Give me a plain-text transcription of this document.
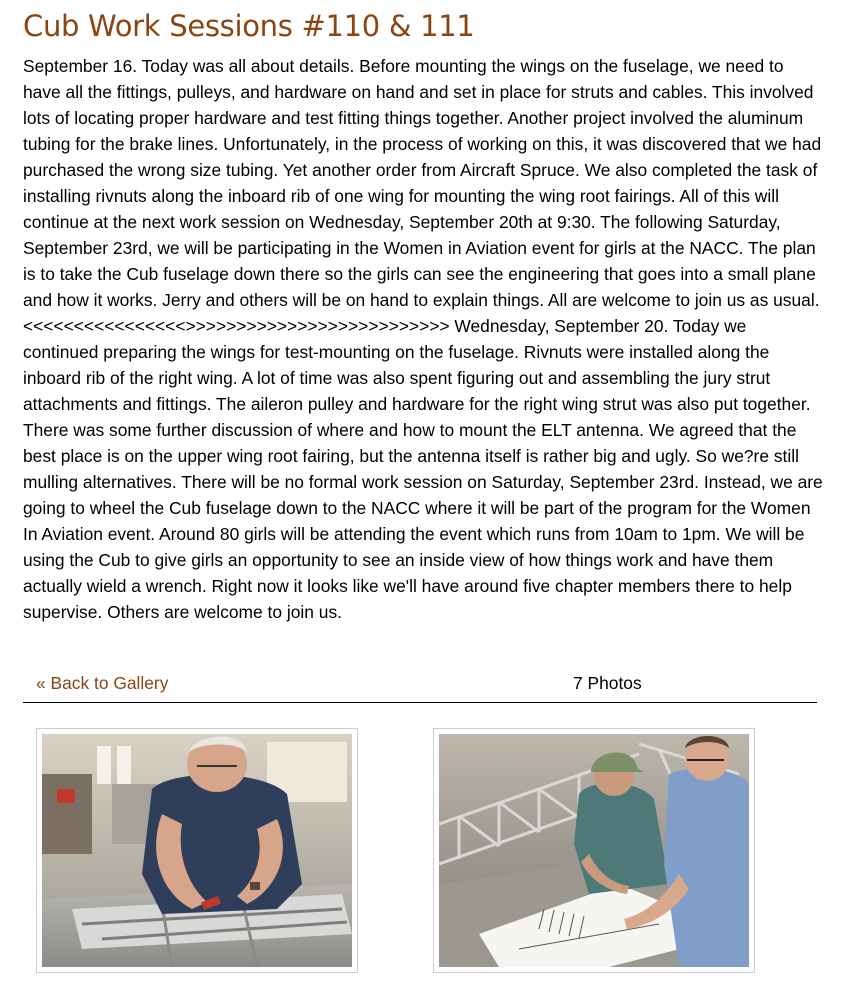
Cub Work Sessions #110 & 111

September 16. Today was all about details. Before mounting the wings on the fuselage, we need to have all the fittings, pulleys, and hardware on hand and set in place for struts and cables. This involved lots of locating proper hardware and test fitting things together. Another project involved the aluminum tubing for the brake lines. Unfortunately, in the process of working on this, it was discovered that we had purchased the wrong size tubing. Yet another order from Aircraft Spruce. We also completed the task of installing rivnuts along the inboard rib of one wing for mounting the wing root fairings. All of this will continue at the next work session on Wednesday, September 20th at 9:30. The following Saturday, September 23rd, we will be participating in the Women in Aviation event for girls at the NACC. The plan is to take the Cub fuselage down there so the girls can see the engineering that goes into a small plane and how it works. Jerry and others will be on hand to explain things. All are welcome to join us as usual.

<<<<<<<<<<<<<<<<>>>>>>>>>>>>>>>>>>>>>>>>>> Wednesday, September 20. Today we continued preparing the wings for test-mounting on the fuselage. Rivnuts were installed along the inboard rib of the right wing. A lot of time was also spent figuring out and assembling the jury strut attachments and fittings. The aileron pulley and hardware for the right wing strut was also put together. There was some further discussion of where and how to mount the ELT antenna. We agreed that the best place is on the upper wing root fairing, but the antenna itself is rather big and ugly. So we?re still mulling alternatives. There will be no formal work session on Saturday, September 23rd. Instead, we are going to wheel the Cub fuselage down to the NACC where it will be part of the program for the Women In Aviation event. Around 80 girls will be attending the event which runs from 10am to 1pm. We will be using the Cub to give girls an opportunity to see an inside view of how things work and have them actually wield a wrench. Right now it looks like we'll have around five chapter members there to help supervise. Others are welcome to join us.

« Back to Gallery	7 Photos
